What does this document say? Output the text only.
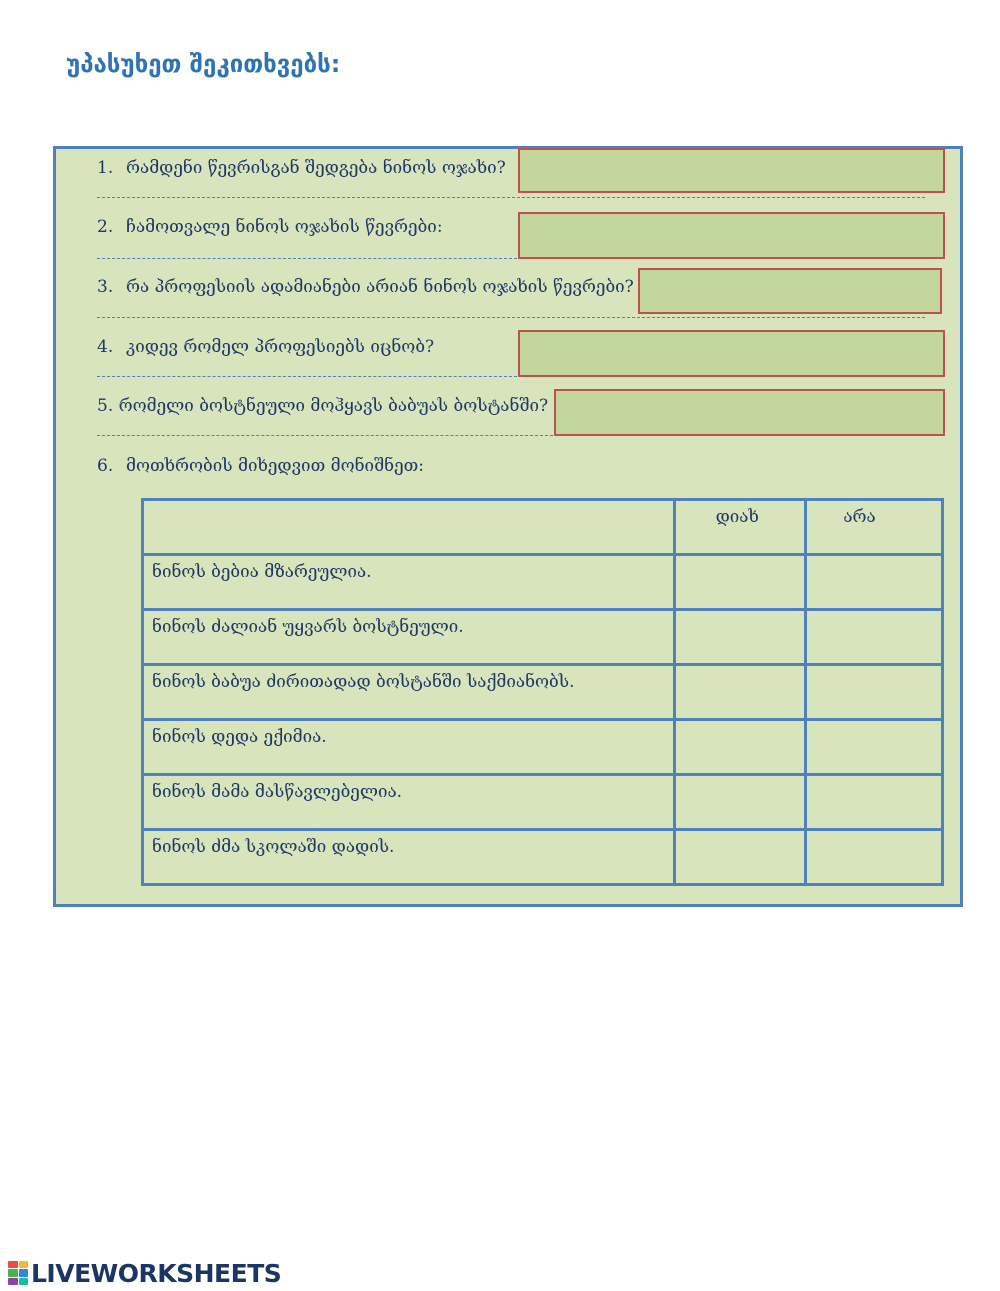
უპასუხეთ შეკითხვებს:
1. რამდენი წევრისგან შედგება ნინოს ოჯახი?
2. ჩამოთვალე ნინოს ოჯახის წევრები:
3. რა პროფესიის ადამიანები არიან ნინოს ოჯახის წევრები?
4. კიდევ რომელ პროფესიებს იცნობ?
5. რომელი ბოსტნეული მოჰყავს ბაბუას ბოსტანში?
6. მოთხრობის მიხედვით მონიშნეთ:
	დიახ	არა
ნინოს ბებია მზარეულია.		
ნინოს ძალიან უყვარს ბოსტნეული.		
ნინოს ბაბუა ძირითადად ბოსტანში საქმიანობს.		
ნინოს დედა ექიმია.		
ნინოს მამა მასწავლებელია.		
ნინოს ძმა სკოლაში დადის.		
LIVEWORKSHEETS
